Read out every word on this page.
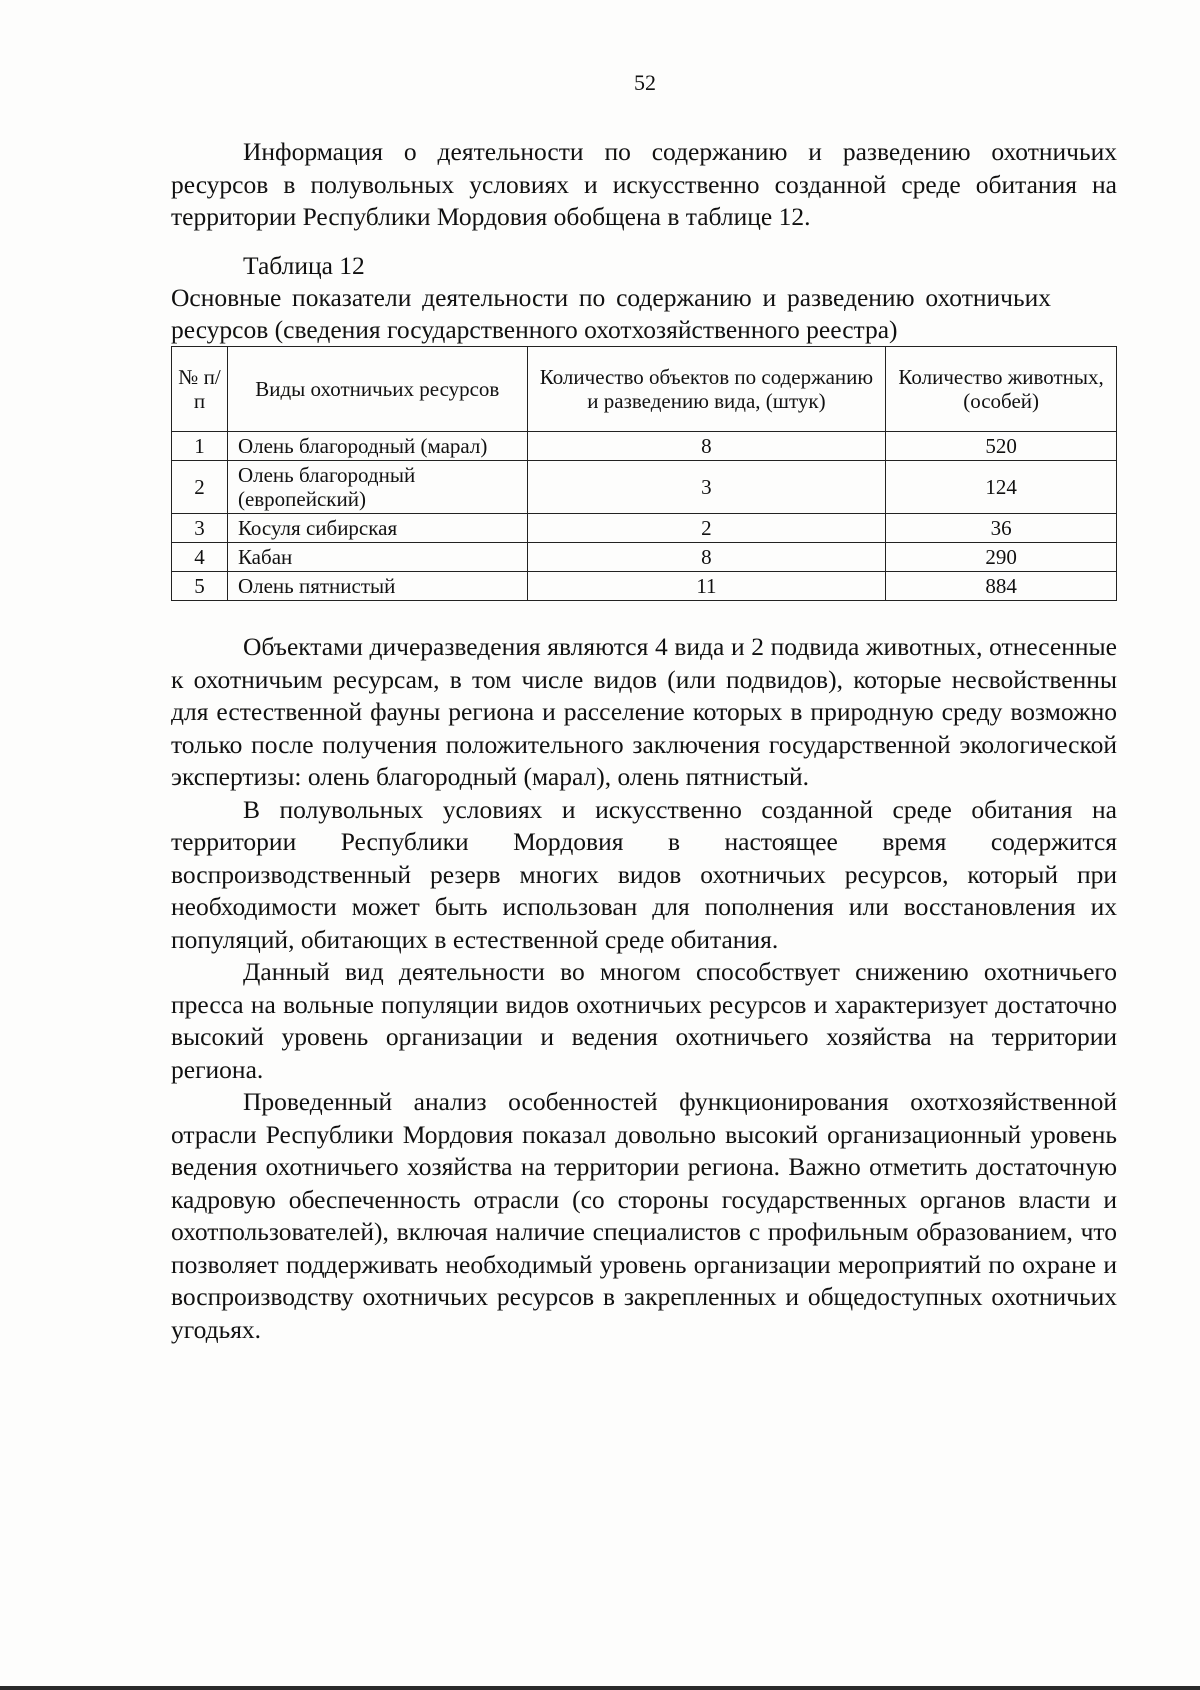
52

Информация о деятельности по содержанию и разведению охотничьих ресурсов в полувольных условиях и искусственно созданной среде обитания на территории Республики Мордовия обобщена в таблице 12.

Таблица 12

Основные показатели деятельности по содержанию и разведению охотничьих ресурсов (сведения государственного охотхозяйственного реестра)

№ п/п	Виды охотничьих ресурсов	Количество объектов по содержанию и разведению вида, (штук)	Количество животных, (особей)
1	Олень благородный (марал)	8	520
2	Олень благородный (европейский)	3	124
3	Косуля сибирская	2	36
4	Кабан	8	290
5	Олень пятнистый	11	884

Объектами дичеразведения являются 4 вида и 2 подвида животных, отнесенные к охотничьим ресурсам, в том числе видов (или подвидов), которые несвойственны для естественной фауны региона и расселение которых в природную среду возможно только после получения положительного заключения государственной экологической экспертизы: олень благородный (марал), олень пятнистый.

В полувольных условиях и искусственно созданной среде обитания на территории Республики Мордовия в настоящее время содержится воспроизводственный резерв многих видов охотничьих ресурсов, который при необходимости может быть использован для пополнения или восстановления их популяций, обитающих в естественной среде обитания.

Данный вид деятельности во многом способствует снижению охотничьего пресса на вольные популяции видов охотничьих ресурсов и характеризует достаточно высокий уровень организации и ведения охотничьего хозяйства на территории региона.

Проведенный анализ особенностей функционирования охотхозяйственной отрасли Республики Мордовия показал довольно высокий организационный уровень ведения охотничьего хозяйства на территории региона. Важно отметить достаточную кадровую обеспеченность отрасли (со стороны государственных органов власти и охотпользователей), включая наличие специалистов с профильным образованием, что позволяет поддерживать необходимый уровень организации мероприятий по охране и воспроизводству охотничьих ресурсов в закрепленных и общедоступных охотничьих угодьях.
